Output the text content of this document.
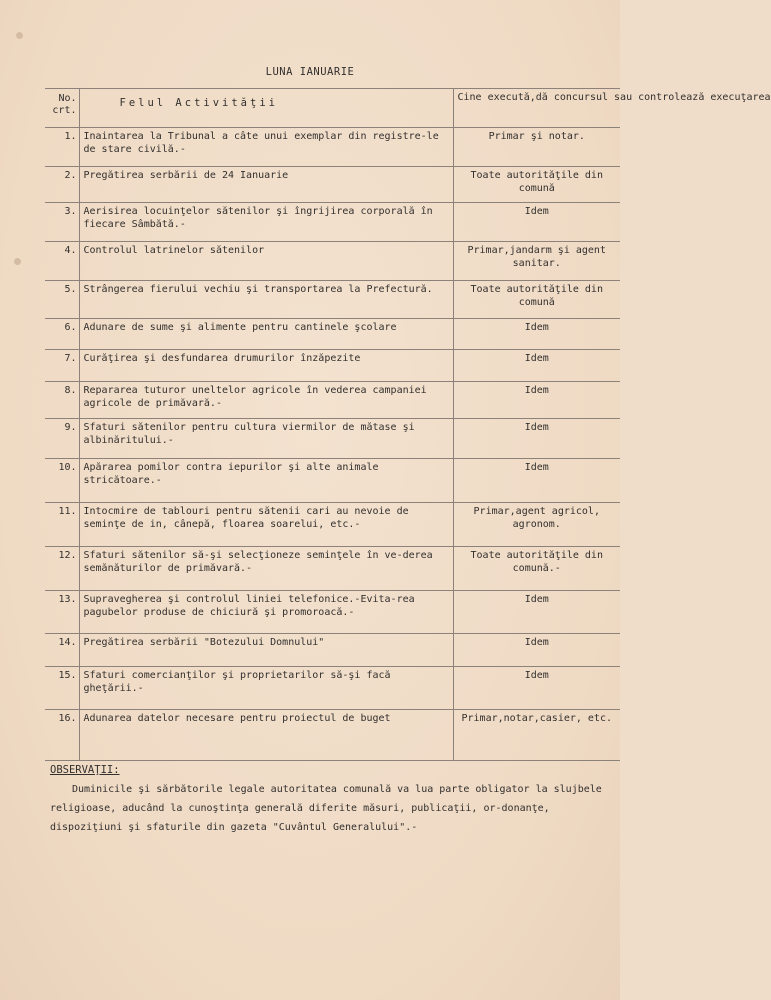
LUNA IANUARIE
No. crt.	Felul Activităţii	Cine execută,dă concursul sau controlează execuţarea
1.	Inaintarea la Tribunal a câte unui exemplar din registre-le de stare civilă.-	Primar şi notar.
2.	Pregătirea serbării de 24 Ianuarie	Toate autorităţile din comună
3.	Aerisirea locuinţelor sătenilor şi îngrijirea corporală în fiecare Sâmbătă.-	Idem
4.	Controlul latrinelor sătenilor	Primar,jandarm şi agent sanitar.
5.	Strângerea fierului vechiu şi transportarea la Prefectură.	Toate autorităţile din comună
6.	Adunare de sume şi alimente pentru cantinele şcolare	Idem
7.	Curăţirea şi desfundarea drumurilor înzăpezite	Idem
8.	Repararea tuturor uneltelor agricole în vederea campaniei agricole de primăvară.-	Idem
9.	Sfaturi sătenilor pentru cultura viermilor de mătase şi albinăritului.-	Idem
10.	Apărarea pomilor contra iepurilor şi alte animale stricătoare.-	Idem
11.	Intocmire de tablouri pentru sătenii cari au nevoie de seminţe de in, cânepă, floarea soarelui, etc.-	Primar,agent agricol, agronom.
12.	Sfaturi sătenilor să-şi selecţioneze seminţele în ve-derea semănăturilor de primăvară.-	Toate autorităţile din comună.-
13.	Supravegherea şi controlul liniei telefonice.-Evita-rea pagubelor produse de chiciură şi promoroacă.-	Idem
14.	Pregătirea serbării "Botezului Domnului"	Idem
15.	Sfaturi comercianţilor şi proprietarilor să-şi facă gheţării.-	Idem
16.	Adunarea datelor necesare pentru proiectul de buget	Primar,notar,casier, etc.
OBSERVAŢII:
Duminicile şi sărbătorile legale autoritatea comunală va lua parte obligator la slujbele religioase, aducând la cunoştinţa generală diferite măsuri, publicaţii, or-donanţe, dispoziţiuni şi sfaturile din gazeta "Cuvântul Generalului".-
